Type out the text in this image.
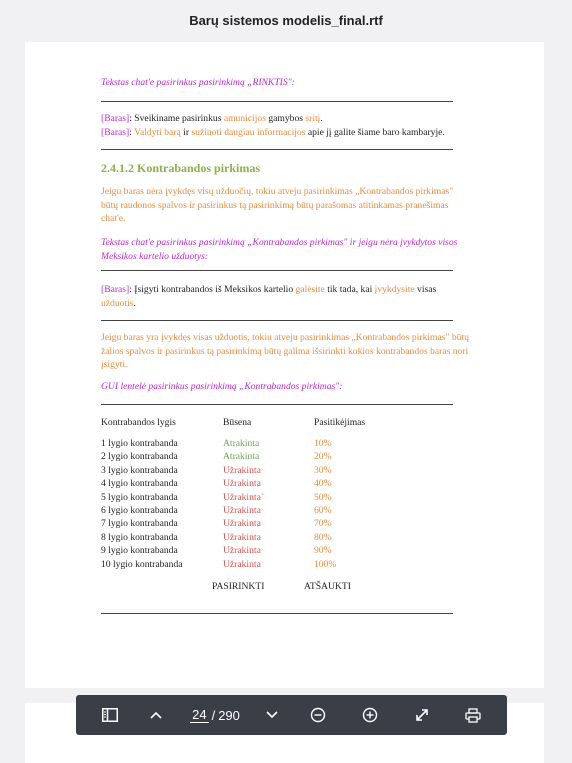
Barų sistemos modelis_final.rtf
Tekstas chat'e pasirinkus pasirinkimą „RINKTIS":
[Baras]: Sveikiname pasirinkus amunicijos gamybos sritį.
[Baras]: Valdyti barą ir sužinoti daugiau informacijos apie jį galite šiame baro kambaryje.
2.4.1.2 Kontrabandos pirkimas
Jeigu baras nėra įvykdęs visų užduočių, tokiu atveju pasirinkimas „Kontrabandos pirkimas" būtų raudonos spalvos ir pasirinkus tą pasirinkimą būtų parašomas atitinkamas pranešimas chat'e.
Tekstas chat'e pasirinkus pasirinkimą „Kontrabandos pirkimas" ir jeigu nėra įvykdytos visos Meksikos kartelio užduotys:
[Baras]: Įsigyti kontrabandos iš Meksikos kartelio galėsite tik tada, kai įvykdysite visas užduotis.
Jeigu baras yra įvykdęs visas užduotis, tokiu atveju pasirinkimas „Kontrabandos pirkimas" būtų žalios spalvos ir pasirinkus tą pasirinkimą būtų galima išsirinkti kokios kontrabandos baras nori įsigyti.
GUI lentelė pasirinkus pasirinkimą „Kontrabandos pirkimas":
Kontrabandos lygis	Būsena	Pasitikėjimas
1 lygio kontrabanda	Atrakinta	10%
2 lygio kontrabanda	Atrakinta	20%
3 lygio kontrabanda	Užrakinta	30%
4 lygio kontrabanda	Užrakinta	40%
5 lygio kontrabanda	Užrakinta`	50%
6 lygio kontrabanda	Užrakinta	60%
7 lygio kontrabanda	Užrakinta	70%
8 lygio kontrabanda	Užrakinta	80%
9 lygio kontrabanda	Užrakinta	90%
10 lygio kontrabanda	Užrakinta	100%
PASIRINKTI	ATŠAUKTI
24 / 290
